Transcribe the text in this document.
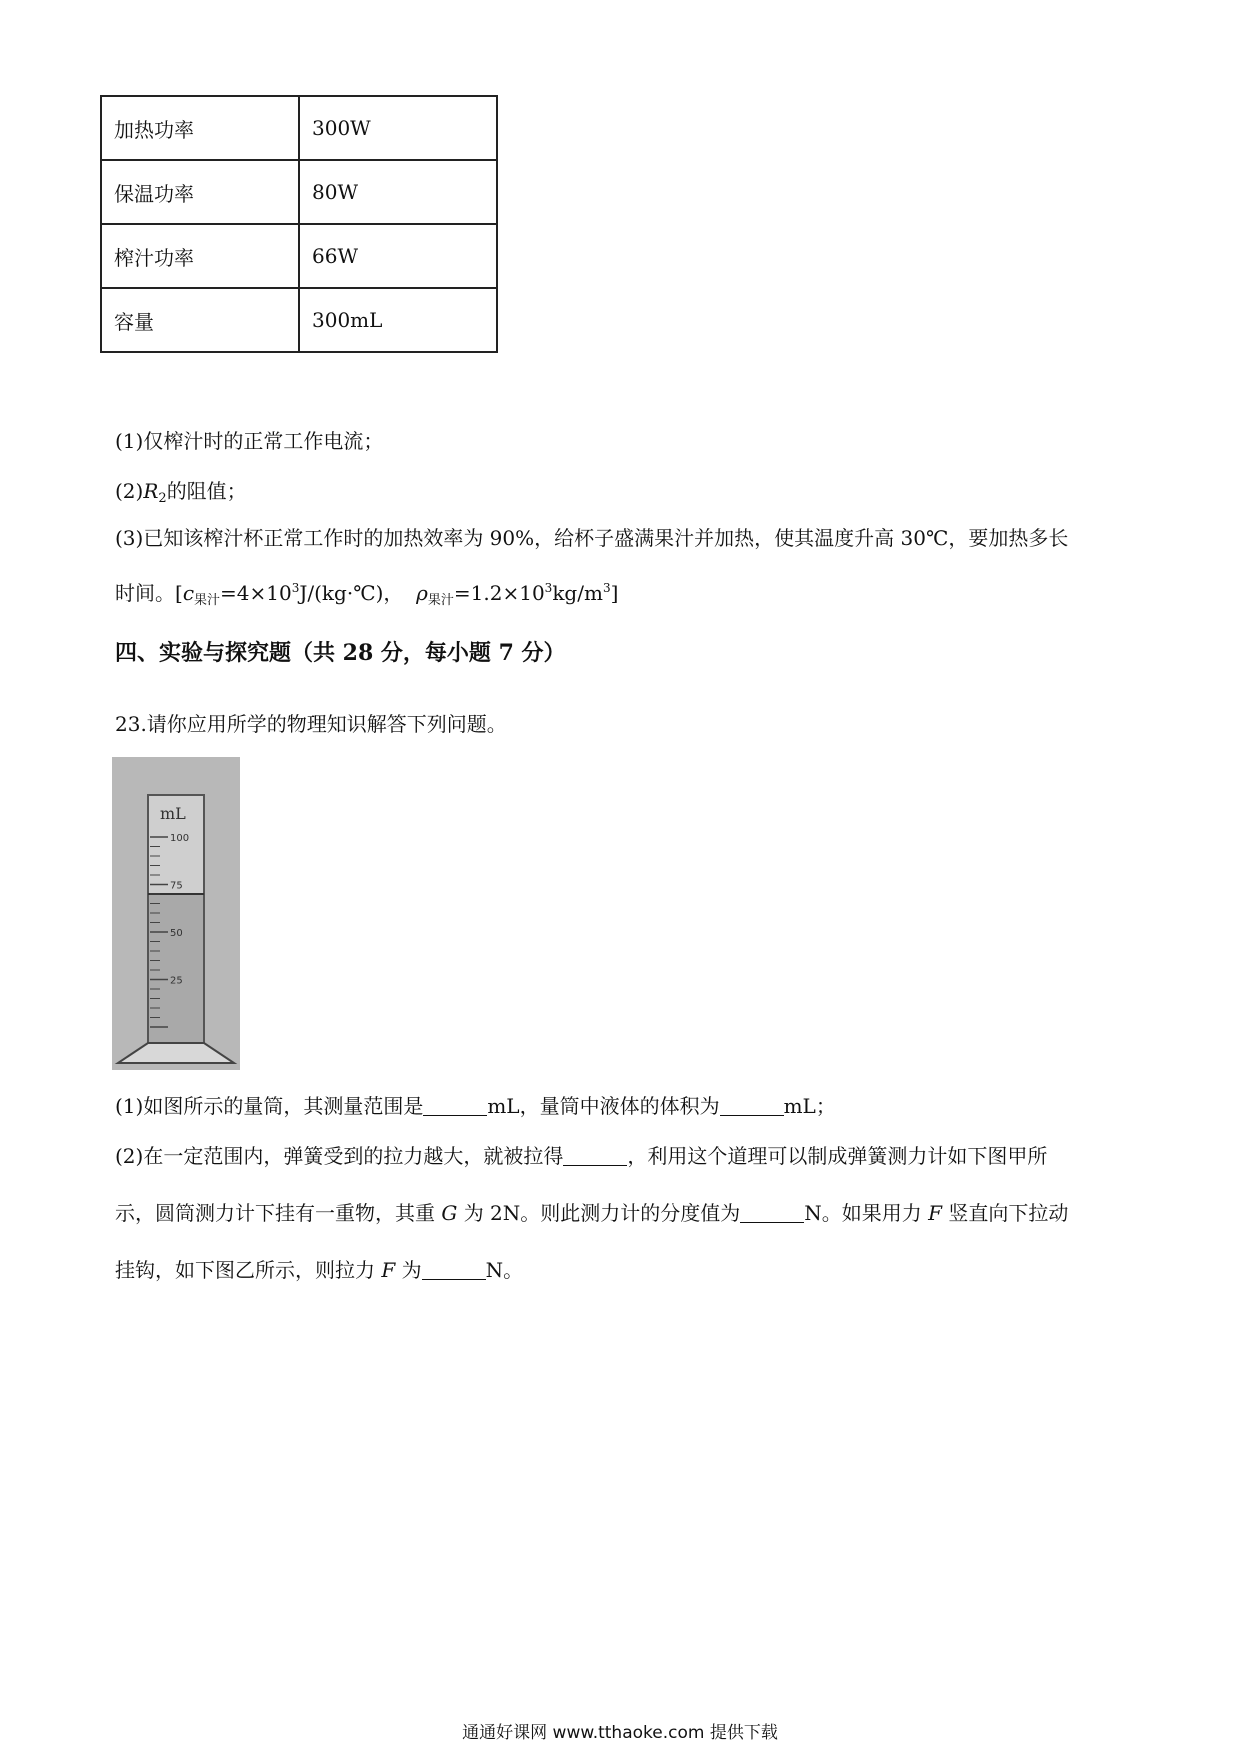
加热功率	300W
保温功率	80W
榨汁功率	66W
容量	300mL
(1)仅榨汁时的正常工作电流；
$(2)R_2$的阻值；
(3)已知该榨汁杯正常工作时的加热效率为 90%，给杯子盛满果汁并加热，使其温度升高 30℃，要加热多长
时间。[$c_{果汁}=4\times 10^3J/(kg\cdot℃)$， $\rho_{果汁}=1.2\times 10^3kg/m^3$]
四、实验与探究题（共 28 分，每小题 7 分）
23.请你应用所学的物理知识解答下列问题。
mL
100
75
50
25
(1)如图所示的量筒，其测量范围是	mL，量筒中液体的体积为	mL；
(2)在一定范围内，弹簧受到的拉力越大，就被拉得	，利用这个道理可以制成弹簧测力计如下图甲所
示，圆筒测力计下挂有一重物，其重 G 为 2N。则此测力计的分度值为	N。如果用力 F 竖直向下拉动
挂钩，如下图乙所示，则拉力 F 为	N。
通通好课网 www.tthaoke.com 提供下载
